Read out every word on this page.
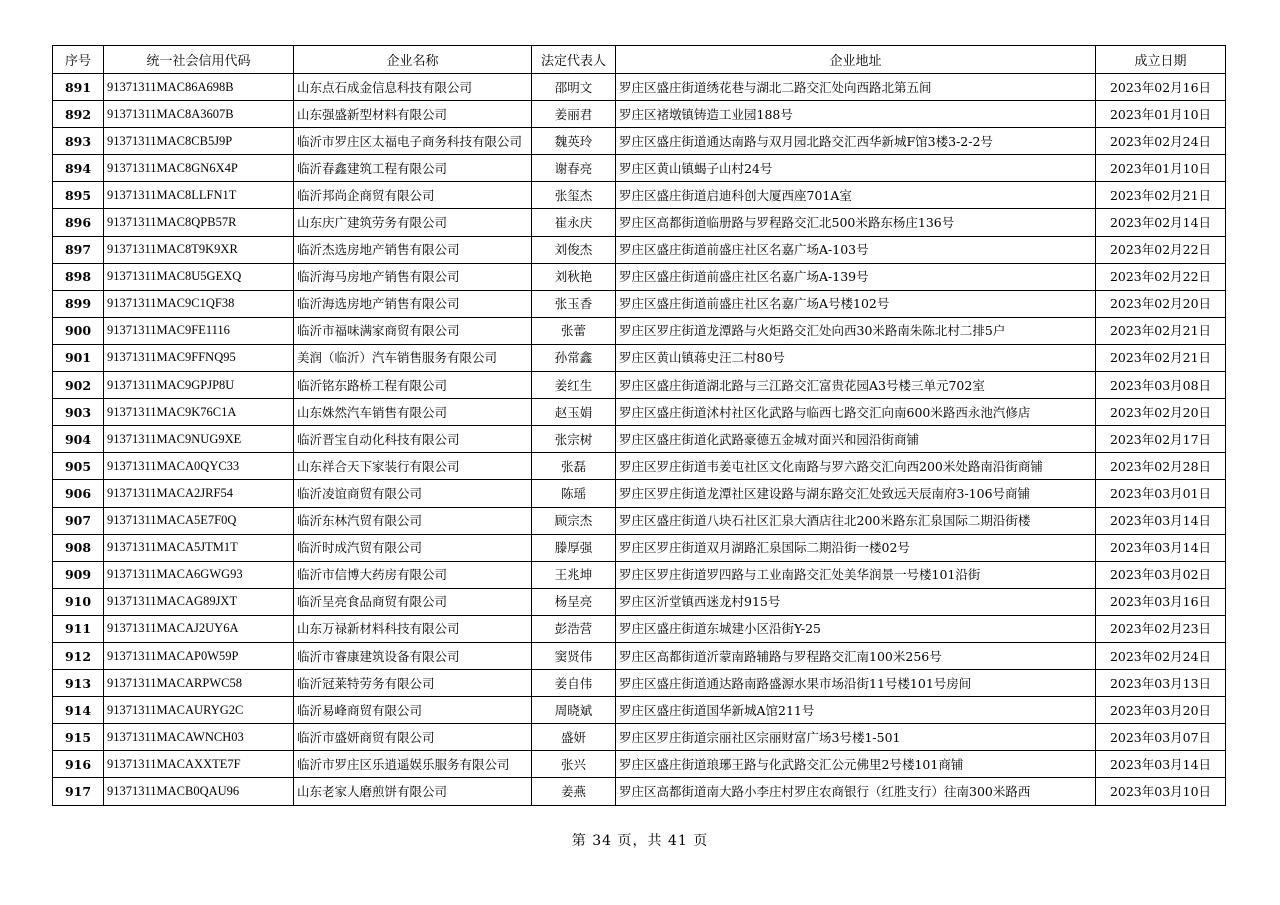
序号	统一社会信用代码	企业名称	法定代表人	企业地址	成立日期
891	91371311MAC86A698B	山东点石成金信息科技有限公司	邵明文	罗庄区盛庄街道绣花巷与湖北二路交汇处向西路北第五间	2023年02月16日
892	91371311MAC8A3607B	山东强盛新型材料有限公司	姜丽君	罗庄区褚墩镇铸造工业园188号	2023年01月10日
893	91371311MAC8CB5J9P	临沂市罗庄区太福电子商务科技有限公司	魏英玲	罗庄区盛庄街道通达南路与双月园北路交汇西华新城F馆3楼3-2-2号	2023年02月24日
894	91371311MAC8GN6X4P	临沂春鑫建筑工程有限公司	谢春亮	罗庄区黄山镇蝎子山村24号	2023年01月10日
895	91371311MAC8LLFN1T	临沂邦尚企商贸有限公司	张玺杰	罗庄区盛庄街道启迪科创大厦西座701A室	2023年02月21日
896	91371311MAC8QPB57R	山东庆广建筑劳务有限公司	崔永庆	罗庄区高都街道临册路与罗程路交汇北500米路东杨庄136号	2023年02月14日
897	91371311MAC8T9K9XR	临沂杰选房地产销售有限公司	刘俊杰	罗庄区盛庄街道前盛庄社区名嘉广场A-103号	2023年02月22日
898	91371311MAC8U5GEXQ	临沂海马房地产销售有限公司	刘秋艳	罗庄区盛庄街道前盛庄社区名嘉广场A-139号	2023年02月22日
899	91371311MAC9C1QF38	临沂海选房地产销售有限公司	张玉香	罗庄区盛庄街道前盛庄社区名嘉广场A号楼102号	2023年02月20日
900	91371311MAC9FE1116	临沂市福味满家商贸有限公司	张蕾	罗庄区罗庄街道龙潭路与火炬路交汇处向西30米路南朱陈北村二排5户	2023年02月21日
901	91371311MAC9FFNQ95	美润（临沂）汽车销售服务有限公司	孙常鑫	罗庄区黄山镇蒋史汪二村80号	2023年02月21日
902	91371311MAC9GPJP8U	临沂铭东路桥工程有限公司	姜红生	罗庄区盛庄街道湖北路与三江路交汇富贵花园A3号楼三单元702室	2023年03月08日
903	91371311MAC9K76C1A	山东姝然汽车销售有限公司	赵玉娟	罗庄区盛庄街道沭村社区化武路与临西七路交汇向南600米路西永池汽修店	2023年02月20日
904	91371311MAC9NUG9XE	临沂晋宝自动化科技有限公司	张宗树	罗庄区盛庄街道化武路豪德五金城对面兴和园沿街商铺	2023年02月17日
905	91371311MACA0QYC33	山东祥合天下家装行有限公司	张磊	罗庄区罗庄街道韦姜屯社区文化南路与罗六路交汇向西200米处路南沿街商铺	2023年02月28日
906	91371311MACA2JRF54	临沂凌谊商贸有限公司	陈瑶	罗庄区罗庄街道龙潭社区建设路与湖东路交汇处致远天辰南府3-106号商铺	2023年03月01日
907	91371311MACA5E7F0Q	临沂东林汽贸有限公司	顾宗杰	罗庄区盛庄街道八块石社区汇泉大酒店往北200米路东汇泉国际二期沿街楼	2023年03月14日
908	91371311MACA5JTM1T	临沂时成汽贸有限公司	滕厚强	罗庄区罗庄街道双月湖路汇泉国际二期沿街一楼02号	2023年03月14日
909	91371311MACA6GWG93	临沂市信博大药房有限公司	王兆坤	罗庄区罗庄街道罗四路与工业南路交汇处美华润景一号楼101沿街	2023年03月02日
910	91371311MACAG89JXT	临沂呈亮食品商贸有限公司	杨呈亮	罗庄区沂堂镇西迷龙村915号	2023年03月16日
911	91371311MACAJ2UY6A	山东万禄新材料科技有限公司	彭浩营	罗庄区盛庄街道东城建小区沿街Y-25	2023年02月23日
912	91371311MACAP0W59P	临沂市睿康建筑设备有限公司	窦贤伟	罗庄区高都街道沂蒙南路辅路与罗程路交汇南100米256号	2023年02月24日
913	91371311MACARPWC58	临沂冠莱特劳务有限公司	姜自伟	罗庄区盛庄街道通达路南路盛源水果市场沿街11号楼101号房间	2023年03月13日
914	91371311MACAURYG2C	临沂易峰商贸有限公司	周晓斌	罗庄区盛庄街道国华新城A馆211号	2023年03月20日
915	91371311MACAWNCH03	临沂市盛妍商贸有限公司	盛妍	罗庄区罗庄街道宗丽社区宗丽财富广场3号楼1-501	2023年03月07日
916	91371311MACAXXTE7F	临沂市罗庄区乐逍遥娱乐服务有限公司	张兴	罗庄区盛庄街道琅琊王路与化武路交汇公元佛里2号楼101商铺	2023年03月14日
917	91371311MACB0QAU96	山东老家人磨煎饼有限公司	姜燕	罗庄区高都街道南大路小李庄村罗庄农商银行（红胜支行）往南300米路西	2023年03月10日
第 34 页，共 41 页
